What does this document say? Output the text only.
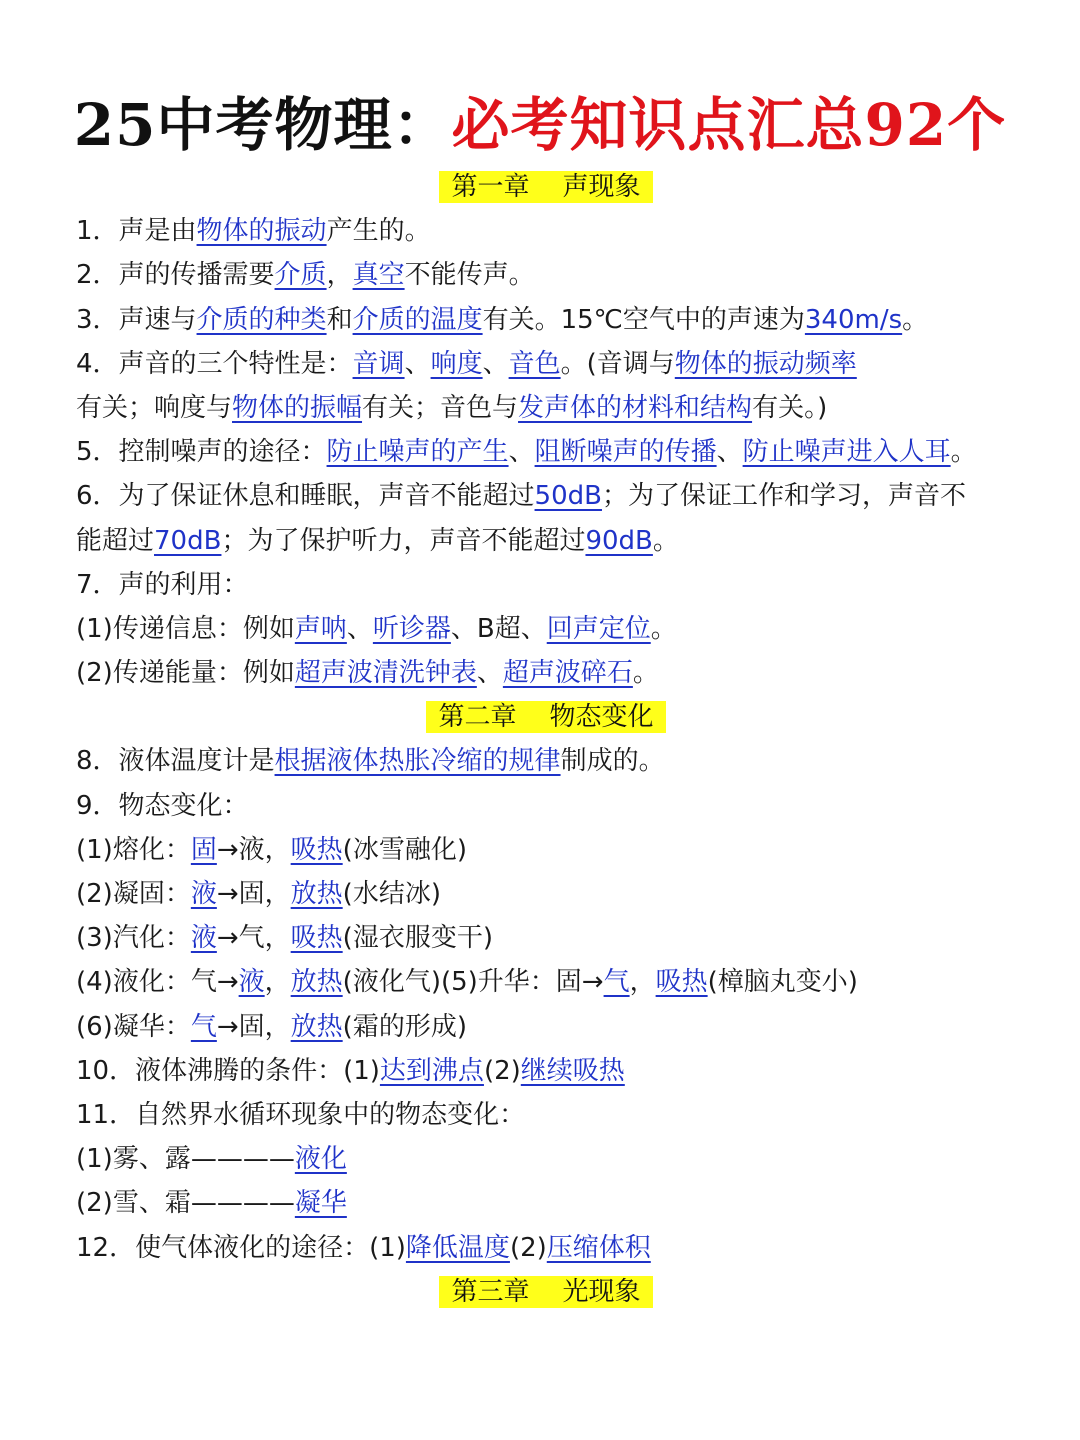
25中考物理：必考知识点汇总92个
第一章    声现象
1．声是由物体的振动产生的。
2．声的传播需要介质，真空不能传声。
3．声速与介质的种类和介质的温度有关。15℃空气中的声速为340m/s。
4．声音的三个特性是：音调、响度、音色。(音调与物体的振动频率
有关；响度与物体的振幅有关；音色与发声体的材料和结构有关。)
5．控制噪声的途径：防止噪声的产生、阻断噪声的传播、防止噪声进入人耳。
6．为了保证休息和睡眠，声音不能超过50dB；为了保证工作和学习，声音不
能超过70dB；为了保护听力，声音不能超过90dB。
7．声的利用：
(1)传递信息：例如声呐、听诊器、B超、回声定位。
(2)传递能量：例如超声波清洗钟表、超声波碎石。
第二章    物态变化
8．液体温度计是根据液体热胀冷缩的规律制成的。
9．物态变化：
(1)熔化：固→液，吸热(冰雪融化)
(2)凝固：液→固，放热(水结冰)
(3)汽化：液→气，吸热(湿衣服变干)
(4)液化：气→液，放热(液化气)(5)升华：固→气，吸热(樟脑丸变小)
(6)凝华：气→固，放热(霜的形成)
10．液体沸腾的条件：(1)达到沸点(2)继续吸热
11．自然界水循环现象中的物态变化：
(1)雾、露————液化
(2)雪、霜————凝华
12．使气体液化的途径：(1)降低温度(2)压缩体积
第三章    光现象
